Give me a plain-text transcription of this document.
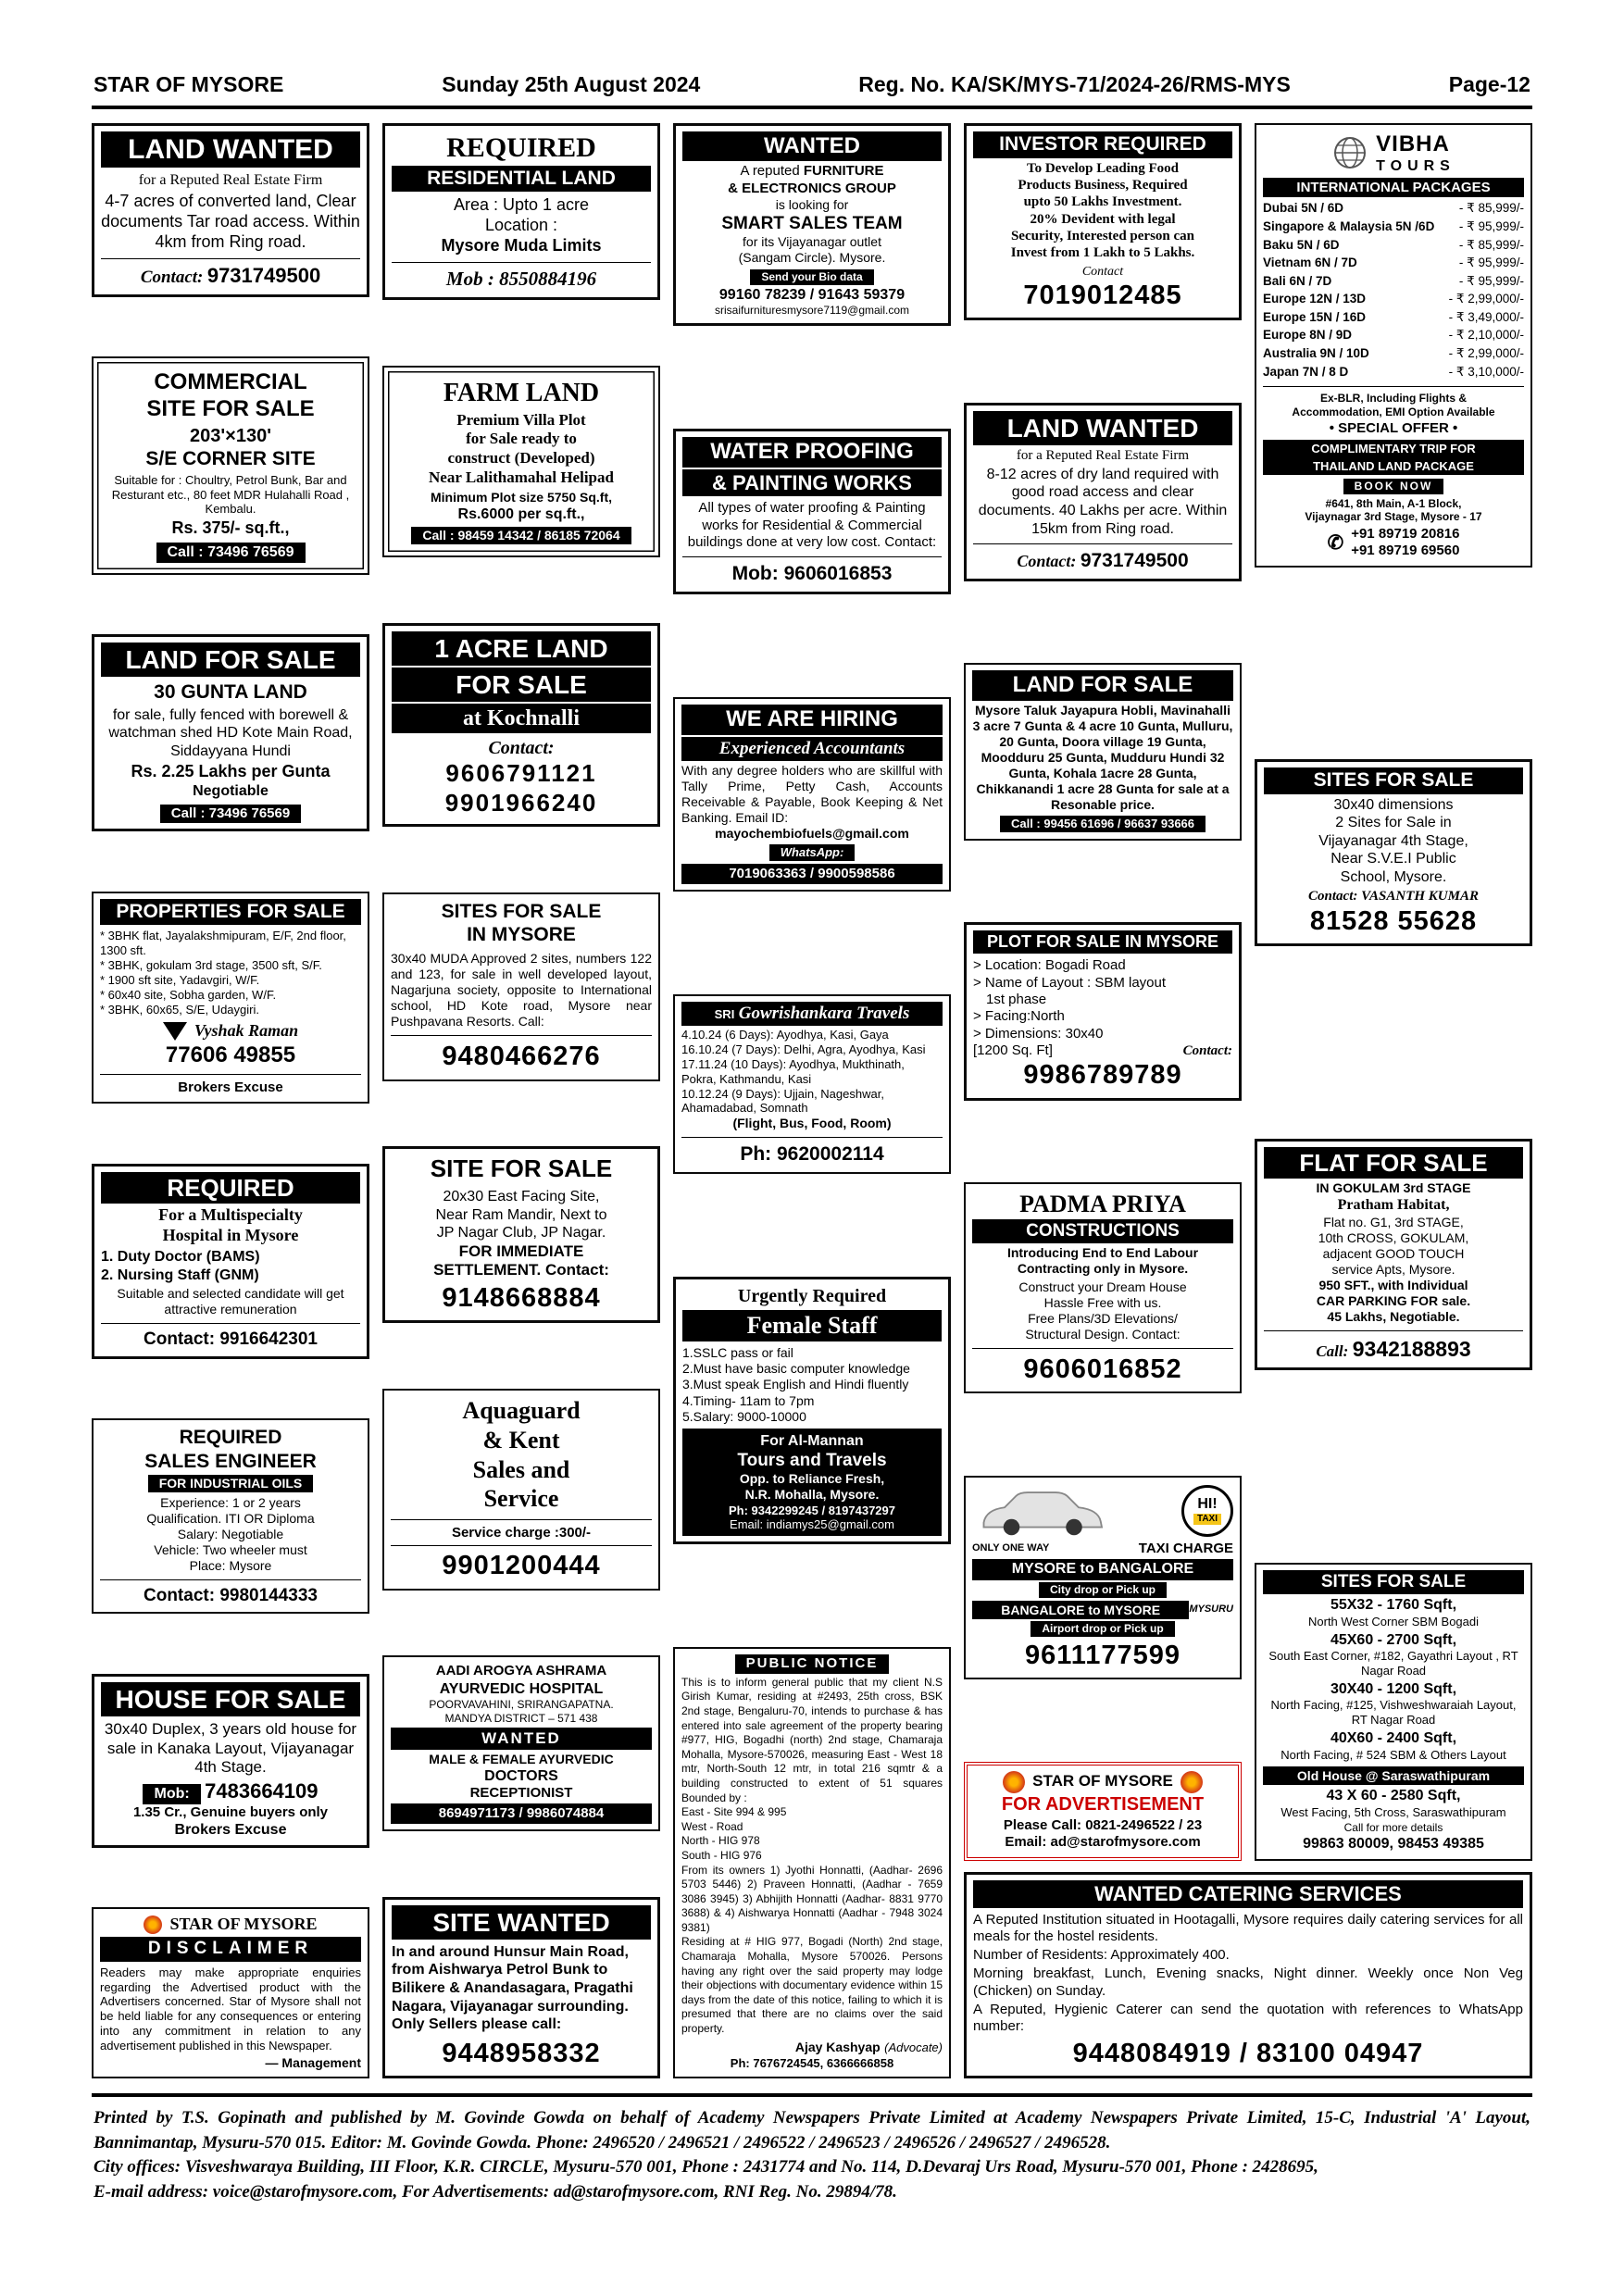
STAR OF MYSORE	Sunday 25th August 2024	Reg. No. KA/SK/MYS-71/2024-26/RMS-MYS	Page-12
LAND WANTED
for a Reputed Real Estate Firm
4-7 acres of converted land, Clear documents Tar road access. Within 4km from Ring road.
Contact: 9731749500
COMMERCIAL
SITE FOR SALE
203'×130'
S/E CORNER SITE
Suitable for : Choultry, Petrol Bunk, Bar and Resturant etc., 80 feet MDR Hulahalli Road , Kembalu.
Rs. 375/- sq.ft.,
Call : 73496 76569
LAND FOR SALE
30 GUNTA LAND
for sale, fully fenced with borewell & watchman shed HD Kote Main Road, Siddayyana Hundi
Rs. 2.25 Lakhs per Gunta
Negotiable
Call : 73496 76569
PROPERTIES FOR SALE
* 3BHK flat, Jayalakshmipuram, E/F, 2nd floor, 1300 sft.
* 3BHK, gokulam 3rd stage, 3500 sft, S/F.
* 1900 sft site, Yadavgiri, W/F.
* 60x40 site, Sobha garden, W/F.
* 3BHK, 60x65, S/E, Udaygiri.
Vyshak Raman
77606 49855
Brokers Excuse
REQUIRED
For a Multispecialty
Hospital in Mysore
1. Duty Doctor (BAMS)
2. Nursing Staff (GNM)
Suitable and selected candidate will get attractive remuneration
Contact: 9916642301
REQUIRED
SALES ENGINEER
FOR INDUSTRIAL OILS
Experience: 1 or 2 years
Qualification. ITI OR Diploma
Salary: Negotiable
Vehicle: Two wheeler must
Place: Mysore
Contact: 9980144333
HOUSE FOR SALE
30x40 Duplex, 3 years old house for sale in Kanaka Layout, Vijayanagar 4th Stage.
Mob: 7483664109
1.35 Cr., Genuine buyers only
Brokers Excuse
STAR OF MYSORE
DISCLAIMER
Readers may make appropriate enquiries regarding the Advertised product with the Advertisers concerned. Star of Mysore shall not be held liable for any consequences or entering into any commitment in relation to any advertisement published in this Newspaper.
— Management
REQUIRED
RESIDENTIAL LAND
Area : Upto 1 acre
Location :
Mysore Muda Limits
Mob : 8550884196
FARM LAND
Premium Villa Plot
for Sale ready to
construct (Developed)
Near Lalithamahal Helipad
Minimum Plot size 5750 Sq.ft,
Rs.6000 per sq.ft.,
Call : 98459 14342 / 86185 72064
1 ACRE LAND
FOR SALE
at Kochnalli
Contact:
9606791121
9901966240
SITES FOR SALE
IN MYSORE
30x40 MUDA Approved 2 sites, numbers 122 and 123, for sale in well developed layout, Nagarjuna society, opposite to International school, HD Kote road, Mysore near Pushpavana Resorts. Call:
9480466276
SITE FOR SALE
20x30 East Facing Site,
Near Ram Mandir, Next to
JP Nagar Club, JP Nagar.
FOR IMMEDIATE
SETTLEMENT. Contact:
9148668884
Aquaguard
& Kent
Sales and
Service
Service charge :300/-
9901200444
AADI AROGYA ASHRAMA
AYURVEDIC HOSPITAL
POORVAVAHINI, SRIRANGAPATNA.
MANDYA DISTRICT – 571 438
WANTED
MALE & FEMALE AYURVEDIC
DOCTORS
RECEPTIONIST
8694971173 / 9986074884
SITE WANTED
In and around Hunsur Main Road, from Aishwarya Petrol Bunk to Bilikere & Anandasagara, Pragathi Nagara, Vijayanagar surrounding. Only Sellers please call:
9448958332
WANTED
A reputed FURNITURE
& ELECTRONICS GROUP
is looking for
SMART SALES TEAM
for its Vijayanagar outlet
(Sangam Circle). Mysore.
Send your Bio data
99160 78239 / 91643 59379
srisaifurnituresmysore7119@gmail.com
WATER PROOFING
& PAINTING WORKS
All types of water proofing & Painting works for Residential & Commercial buildings done at very low cost. Contact:
Mob: 9606016853
WE ARE HIRING
Experienced Accountants
With any degree holders who are skillful with Tally Prime, Petty Cash, Accounts Receivable & Payable, Book Keeping & Net Banking. Email ID:
mayochembiofuels@gmail.com
WhatsApp:
7019063363 / 9900598586
SRI Gowrishankara Travels
4.10.24 (6 Days): Ayodhya, Kasi, Gaya
16.10.24 (7 Days): Delhi, Agra, Ayodhya, Kasi
17.11.24 (10 Days): Ayodhya, Mukthinath, Pokra, Kathmandu, Kasi
10.12.24 (9 Days): Ujjain, Nageshwar, Ahamadabad, Somnath
(Flight, Bus, Food, Room)
Ph: 9620002114
Urgently Required
Female Staff
1.SSLC pass or fail
2.Must have basic computer knowledge
3.Must speak English and Hindi fluently
4.Timing- 11am to 7pm
5.Salary: 9000-10000
For Al-Mannan
Tours and Travels
Opp. to Reliance Fresh,
N.R. Mohalla, Mysore.
Ph: 9342299245 / 8197437297
Email: indiamys25@gmail.com
PUBLIC NOTICE
This is to inform general public that my client N.S Girish Kumar, residing at #2493, 25th cross, BSK 2nd stage, Bengaluru-70, intends to purchase & has entered into sale agreement of the property bearing #977, HIG, Bogadhi (north) 2nd stage, Chamaraja Mohalla, Mysore-570026, measuring East - West 18 mtr, North-South 12 mtr, in total 216 sqmtr & a building constructed to extent of 51 squares Bounded by :
East - Site 994 & 995
West - Road
North - HIG 978
South - HIG 976
From its owners 1) Jyothi Honnatti, (Aadhar- 2696 5703 5446) 2) Praveen Honnatti, (Aadhar - 7659 3086 3945) 3) Abhijith Honnatti (Aadhar- 8831 9770 3688) & 4) Aishwarya Honnatti (Aadhar - 7948 3024 9381)
Residing at # HIG 977, Bogadi (North) 2nd stage, Chamaraja Mohalla, Mysore 570026. Persons having any right over the said property may lodge their objections with documentary evidence within 15 days from the date of this notice, failing to which it is presumed that there are no claims over the said property.
Ajay Kashyap (Advocate)
Ph: 7676724545, 6366666858
INVESTOR REQUIRED
To Develop Leading Food
Products Business, Required
upto 50 Lakhs Investment.
20% Devident with legal
Security, Interested person can
Invest from 1 Lakh to 5 Lakhs.
Contact
7019012485
LAND WANTED
for a Reputed Real Estate Firm
8-12 acres of dry land required with good road access and clear documents. 40 Lakhs per acre. Within 15km from Ring road.
Contact: 9731749500
LAND FOR SALE
Mysore Taluk Jayapura Hobli, Mavinahalli 3 acre 7 Gunta & 4 acre 10 Gunta, Mulluru, 20 Gunta, Doora village 19 Gunta, Moodduru 25 Gunta, Mudduru Hundi 32 Gunta, Kohala 1acre 28 Gunta, Chikkanandi 1 acre 28 Gunta for sale at a Resonable price.
Call : 99456 61696 / 96637 93666
PLOT FOR SALE IN MYSORE
> Location: Bogadi Road
> Name of Layout : SBM layout
1st phase
> Facing:North
> Dimensions: 30x40
[1200 Sq. Ft]	Contact:
9986789789
PADMA PRIYA
CONSTRUCTIONS
Introducing End to End Labour
Contracting only in Mysore.
Construct your Dream House
Hassle Free with us.
Free Plans/3D Elevations/
Structural Design. Contact:
9606016852
HI!
TAXI
ONLY ONE WAY	TAXI CHARGE
MYSORE to BANGALORE
City drop or Pick up
BANGALORE to MYSORE	MYSURU
Airport drop or Pick up
9611177599
STAR OF MYSORE
FOR ADVERTISEMENT
Please Call: 0821-2496522 / 23
Email: ad@starofmysore.com
VIBHA
TOURS
INTERNATIONAL PACKAGES
Dubai 5N / 6D	- ₹ 85,999/-
Singapore & Malaysia 5N /6D - ₹ 95,999/-
Baku 5N / 6D	- ₹ 85,999/-
Vietnam 6N / 7D	- ₹ 95,999/-
Bali 6N / 7D	- ₹ 95,999/-
Europe 12N / 13D	- ₹ 2,99,000/-
Europe 15N / 16D	- ₹ 3,49,000/-
Europe 8N / 9D	- ₹ 2,10,000/-
Australia 9N / 10D	- ₹ 2,99,000/-
Japan 7N / 8 D	- ₹ 3,10,000/-
Ex-BLR, Including Flights &
Accommodation, EMI Option Available
• SPECIAL OFFER •
COMPLIMENTARY TRIP FOR
THAILAND LAND PACKAGE
BOOK NOW
#641, 8th Main, A-1 Block,
Vijaynagar 3rd Stage, Mysore - 17
✆ +91 89719 20816
+91 89719 69560
SITES FOR SALE
30x40 dimensions
2 Sites for Sale in
Vijayanagar 4th Stage,
Near S.V.E.I Public
School, Mysore.
Contact: VASANTH KUMAR
81528 55628
FLAT FOR SALE
IN GOKULAM 3rd STAGE
Pratham Habitat,
Flat no. G1, 3rd STAGE,
10th CROSS, GOKULAM,
adjacent GOOD TOUCH
service Apts, Mysore.
950 SFT., with Individual
CAR PARKING FOR sale.
45 Lakhs, Negotiable.
Call: 9342188893
SITES FOR SALE
55X32 - 1760 Sqft,
North West Corner SBM Bogadi
45X60 - 2700 Sqft,
South East Corner, #182, Gayathri Layout , RT Nagar Road
30X40 - 1200 Sqft,
North Facing, #125, Vishweshwaraiah Layout, RT Nagar Road
40X60 - 2400 Sqft,
North Facing, # 524 SBM & Others Layout
Old House @ Saraswathipuram
43 X 60 - 2580 Sqft,
West Facing, 5th Cross, Saraswathipuram
Call for more details
99863 80009, 98453 49385
WANTED CATERING SERVICES
A Reputed Institution situated in Hootagalli, Mysore requires daily catering services for all meals for the hostel residents.
Number of Residents: Approximately 400.
Morning breakfast, Lunch, Evening snacks, Night dinner. Weekly once Non Veg (Chicken) on Sunday.
A Reputed, Hygienic Caterer can send the quotation with references to WhatsApp number:
9448084919 / 83100 04947
Printed by T.S. Gopinath and published by M. Govinde Gowda on behalf of Academy Newspapers Private Limited at Academy Newspapers Private Limited, 15-C, Industrial 'A' Layout, Bannimantap, Mysuru-570 015. Editor: M. Govinde Gowda. Phone: 2496520 / 2496521 / 2496522 / 2496523 / 2496526 / 2496527 / 2496528.
City offices: Visveshwaraya Building, III Floor, K.R. CIRCLE, Mysuru-570 001, Phone : 2431774 and No. 114, D.Devaraj Urs Road, Mysuru-570 001, Phone : 2428695,
E-mail address: voice@starofmysore.com, For Advertisements: ad@starofmysore.com, RNI Reg. No. 29894/78.
